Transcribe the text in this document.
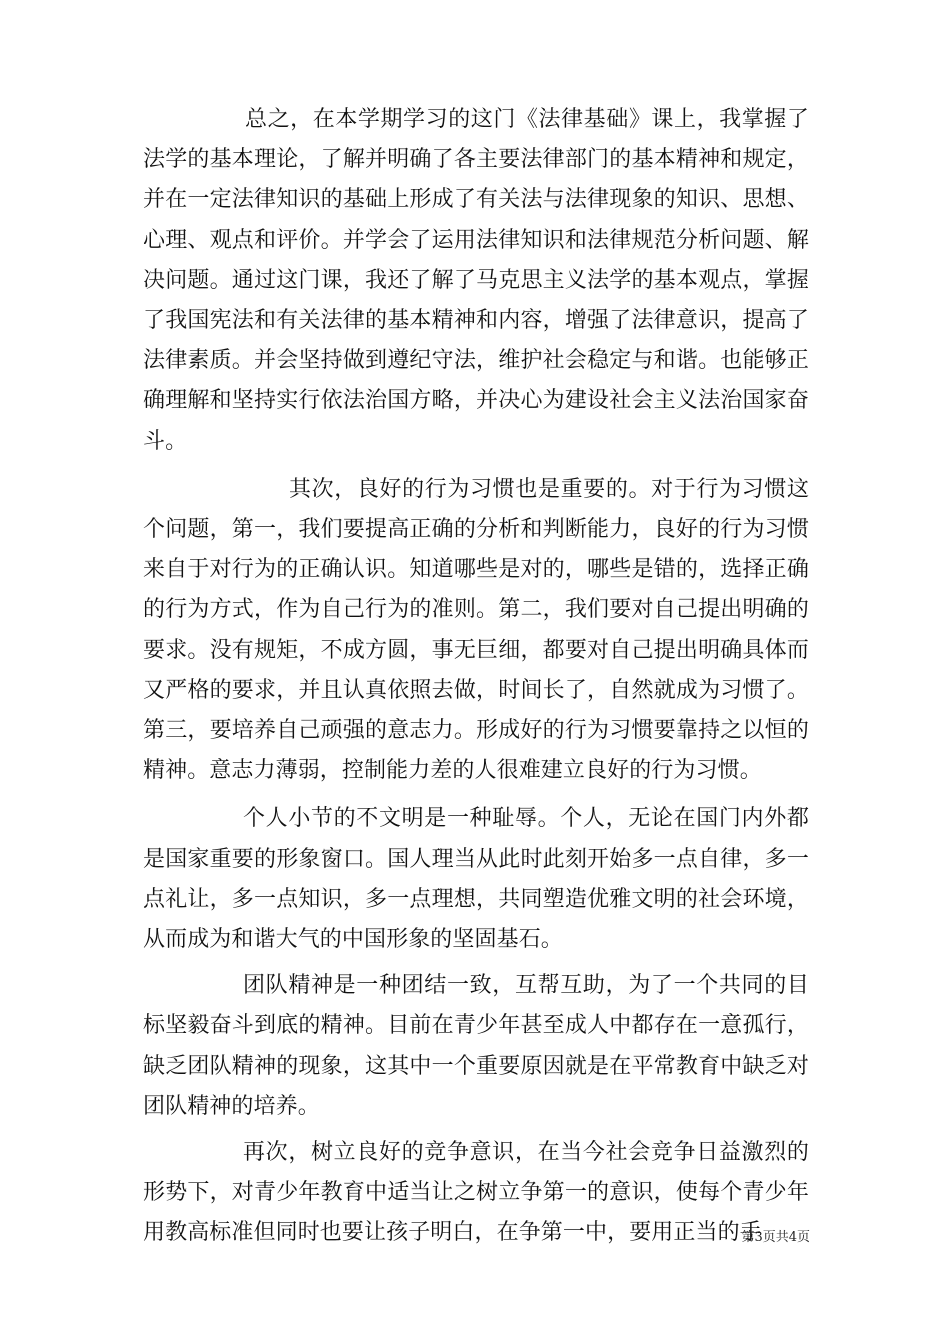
总之，在本学期学习的这门《法律基础》课上，我掌握了法学的基本理论，了解并明确了各主要法律部门的基本精神和规定，并在一定法律知识的基础上形成了有关法与法律现象的知识、思想、心理、观点和评价。并学会了运用法律知识和法律规范分析问题、解决问题。通过这门课，我还了解了马克思主义法学的基本观点，掌握了我国宪法和有关法律的基本精神和内容，增强了法律意识，提高了法律素质。并会坚持做到遵纪守法，维护社会稳定与和谐。也能够正确理解和坚持实行依法治国方略，并决心为建设社会主义法治国家奋斗。

其次，良好的行为习惯也是重要的。对于行为习惯这个问题，第一，我们要提高正确的分析和判断能力，良好的行为习惯来自于对行为的正确认识。知道哪些是对的，哪些是错的，选择正确的行为方式，作为自己行为的准则。第二，我们要对自己提出明确的要求。没有规矩，不成方圆，事无巨细，都要对自己提出明确具体而又严格的要求，并且认真依照去做，时间长了，自然就成为习惯了。第三，要培养自己顽强的意志力。形成好的行为习惯要靠持之以恒的精神。意志力薄弱，控制能力差的人很难建立良好的行为习惯。

个人小节的不文明是一种耻辱。个人，无论在国门内外都是国家重要的形象窗口。国人理当从此时此刻开始多一点自律，多一点礼让，多一点知识，多一点理想，共同塑造优雅文明的社会环境，从而成为和谐大气的中国形象的坚固基石。

团队精神是一种团结一致，互帮互助，为了一个共同的目标坚毅奋斗到底的精神。目前在青少年甚至成人中都存在一意孤行，缺乏团队精神的现象，这其中一个重要原因就是在平常教育中缺乏对团队精神的培养。

再次，树立良好的竞争意识，在当今社会竞争日益激烈的形势下，对青少年教育中适当让之树立争第一的意识，使每个青少年用教高标准但同时也要让孩子明白，在争第一中，要用正当的手

第3页共4页
